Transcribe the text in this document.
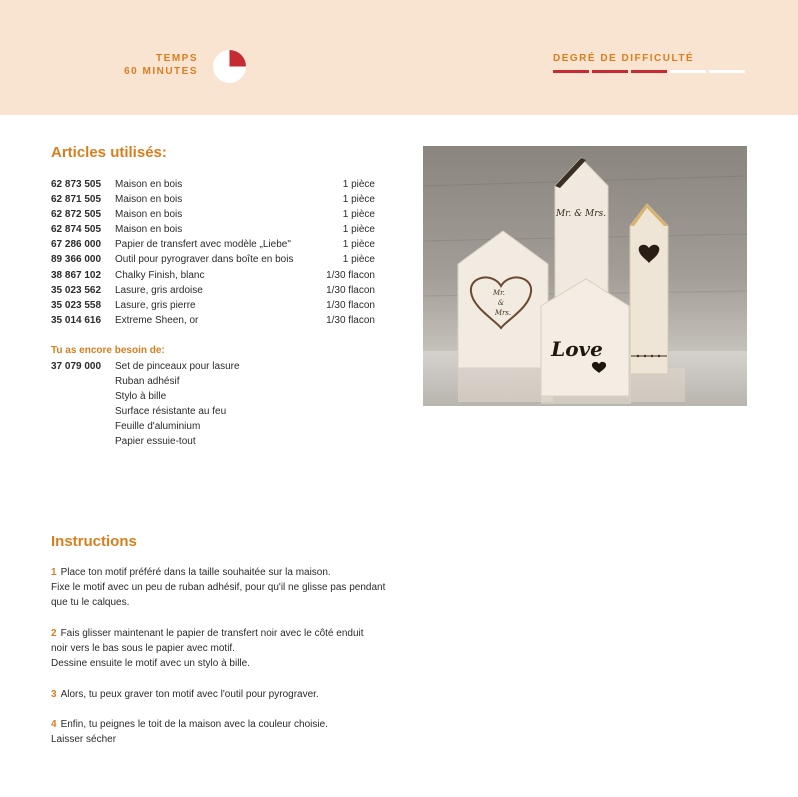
TEMPS
60 MINUTES
DEGRÉ DE DIFFICULTÉ
Articles utilisés:
62 873 505	Maison en bois	1 pièce
62 871 505	Maison en bois	1 pièce
62 872 505	Maison en bois	1 pièce
62 874 505	Maison en bois	1 pièce
67 286 000	Papier de transfert avec modèle „Liebe"	1 pièce
89 366 000	Outil pour pyrograver dans boîte en bois	1 pièce
38 867 102	Chalky Finish, blanc	1/30 flacon
35 023 562	Lasure, gris ardoise	1/30 flacon
35 023 558	Lasure, gris pierre	1/30 flacon
35 014 616	Extreme Sheen, or	1/30 flacon
Tu as encore besoin de:
37 079 000	Set de pinceaux pour lasure
Ruban adhésif
Stylo à bille
Surface résistante au feu
Feuille d'aluminium
Papier essuie-tout
Mr. & Mrs.
Mr.
&
Mrs.
Love
Instructions
1 Place ton motif préféré dans la taille souhaitée sur la maison.
Fixe le motif avec un peu de ruban adhésif, pour qu'il ne glisse pas pendant
que tu le calques.
2 Fais glisser maintenant le papier de transfert noir avec le côté enduit
noir vers le bas sous le papier avec motif.
Dessine ensuite le motif avec un stylo à bille.
3 Alors, tu peux graver ton motif avec l'outil pour pyrograver.
4 Enfin, tu peignes le toit de la maison avec la couleur choisie.
Laisser sécher
